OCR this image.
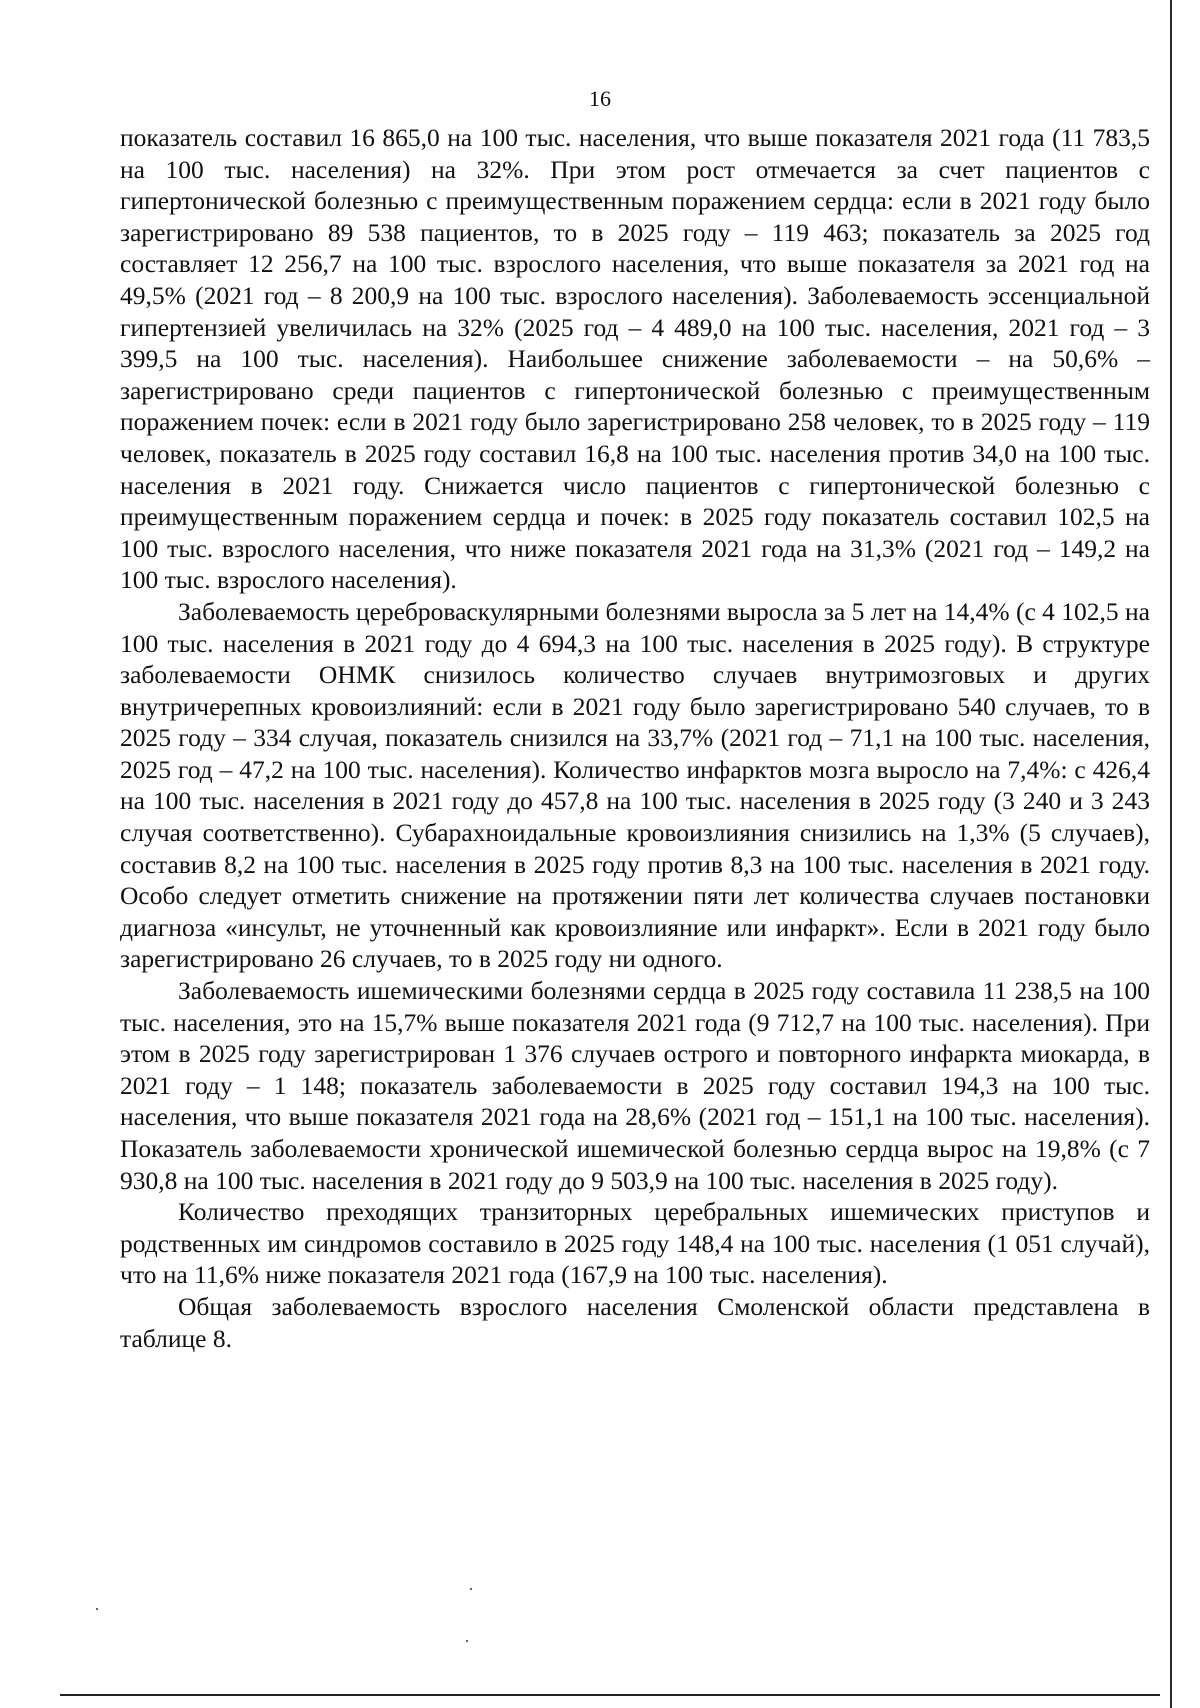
16

показатель составил 16 865,0 на 100 тыс. населения, что выше показателя 2021 года (11 783,5 на 100 тыс. населения) на 32%. При этом рост отмечается за счет пациентов с гипертонической болезнью с преимущественным поражением сердца: если в 2021 году было зарегистрировано 89 538 пациентов, то в 2025 году – 119 463; показатель за 2025 год составляет 12 256,7 на 100 тыс. взрослого населения, что выше показателя за 2021 год на 49,5% (2021 год – 8 200,9 на 100 тыс. взрослого населения). Заболеваемость эссенциальной гипертензией увеличилась на 32% (2025 год – 4 489,0 на 100 тыс. населения, 2021 год – 3 399,5 на 100 тыс. населения). Наибольшее снижение заболеваемости – на 50,6% – зарегистрировано среди пациентов с гипертонической болезнью с преимущественным поражением почек: если в 2021 году было зарегистрировано 258 человек, то в 2025 году – 119 человек, показатель в 2025 году составил 16,8 на 100 тыс. населения против 34,0 на 100 тыс. населения в 2021 году. Снижается число пациентов с гипертонической болезнью с преимущественным поражением сердца и почек: в 2025 году показатель составил 102,5 на 100 тыс. взрослого населения, что ниже показателя 2021 года на 31,3% (2021 год – 149,2 на 100 тыс. взрослого населения).

Заболеваемость цереброваскулярными болезнями выросла за 5 лет на 14,4% (с 4 102,5 на 100 тыс. населения в 2021 году до 4 694,3 на 100 тыс. населения в 2025 году). В структуре заболеваемости ОНМК снизилось количество случаев внутримозговых и других внутричерепных кровоизлияний: если в 2021 году было зарегистрировано 540 случаев, то в 2025 году – 334 случая, показатель снизился на 33,7% (2021 год – 71,1 на 100 тыс. населения, 2025 год – 47,2 на 100 тыс. населения). Количество инфарктов мозга выросло на 7,4%: с 426,4 на 100 тыс. населения в 2021 году до 457,8 на 100 тыс. населения в 2025 году (3 240 и 3 243 случая соответственно). Субарахноидальные кровоизлияния снизились на 1,3% (5 случаев), составив 8,2 на 100 тыс. населения в 2025 году против 8,3 на 100 тыс. населения в 2021 году. Особо следует отметить снижение на протяжении пяти лет количества случаев постановки диагноза «инсульт, не уточненный как кровоизлияние или инфаркт». Если в 2021 году было зарегистрировано 26 случаев, то в 2025 году ни одного.

Заболеваемость ишемическими болезнями сердца в 2025 году составила 11 238,5 на 100 тыс. населения, это на 15,7% выше показателя 2021 года (9 712,7 на 100 тыс. населения). При этом в 2025 году зарегистрирован 1 376 случаев острого и повторного инфаркта миокарда, в 2021 году – 1 148; показатель заболеваемости в 2025 году составил 194,3 на 100 тыс. населения, что выше показателя 2021 года на 28,6% (2021 год – 151,1 на 100 тыс. населения). Показатель заболеваемости хронической ишемической болезнью сердца вырос на 19,8% (с 7 930,8 на 100 тыс. населения в 2021 году до 9 503,9 на 100 тыс. населения в 2025 году).

Количество преходящих транзиторных церебральных ишемических приступов и родственных им синдромов составило в 2025 году 148,4 на 100 тыс. населения (1 051 случай), что на 11,6% ниже показателя 2021 года (167,9 на 100 тыс. населения).

Общая заболеваемость взрослого населения Смоленской области представлена в таблице 8.
